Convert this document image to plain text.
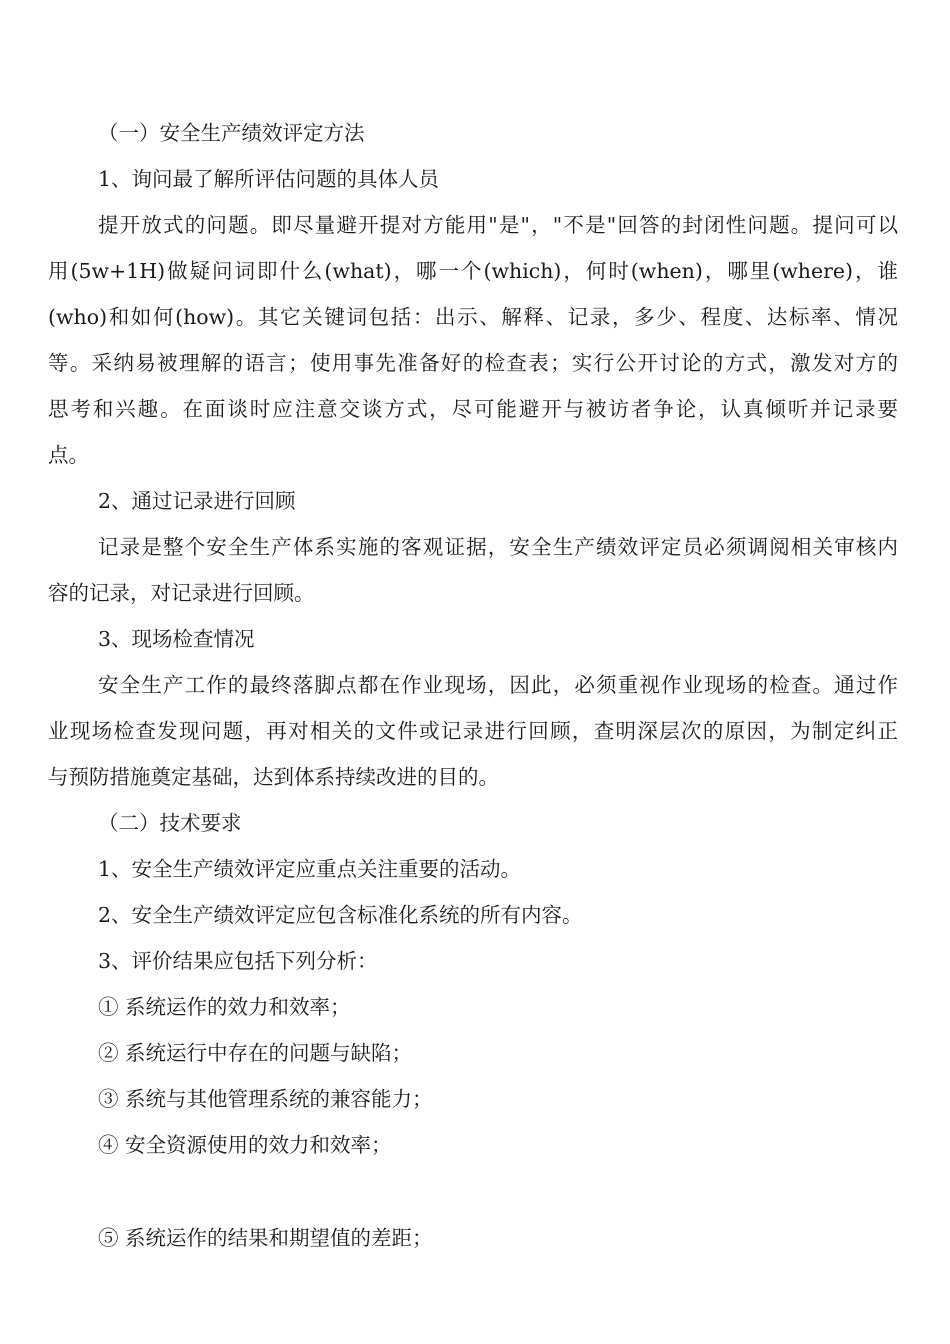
（一）安全生产绩效评定方法
1、询问最了解所评估问题的具体人员
提开放式的问题。即尽量避开提对方能用"是"，"不是"回答的封闭性问题。提问可以
用(5w+1H)做疑问词即什么(what)，哪一个(which)，何时(when)，哪里(where)，谁
(who)和如何(how)。其它关键词包括：出示、解释、记录，多少、程度、达标率、情况
等。采纳易被理解的语言；使用事先准备好的检查表；实行公开讨论的方式，激发对方的
思考和兴趣。在面谈时应注意交谈方式，尽可能避开与被访者争论，认真倾听并记录要
点。
2、通过记录进行回顾
记录是整个安全生产体系实施的客观证据，安全生产绩效评定员必须调阅相关审核内
容的记录，对记录进行回顾。
3、现场检查情况
安全生产工作的最终落脚点都在作业现场，因此，必须重视作业现场的检查。通过作
业现场检查发现问题，再对相关的文件或记录进行回顾，查明深层次的原因，为制定纠正
与预防措施奠定基础，达到体系持续改进的目的。
（二）技术要求
1、安全生产绩效评定应重点关注重要的活动。
2、安全生产绩效评定应包含标准化系统的所有内容。
3、评价结果应包括下列分析：
① 系统运作的效力和效率；
② 系统运行中存在的问题与缺陷；
③ 系统与其他管理系统的兼容能力；
④ 安全资源使用的效力和效率；
⑤ 系统运作的结果和期望值的差距；
